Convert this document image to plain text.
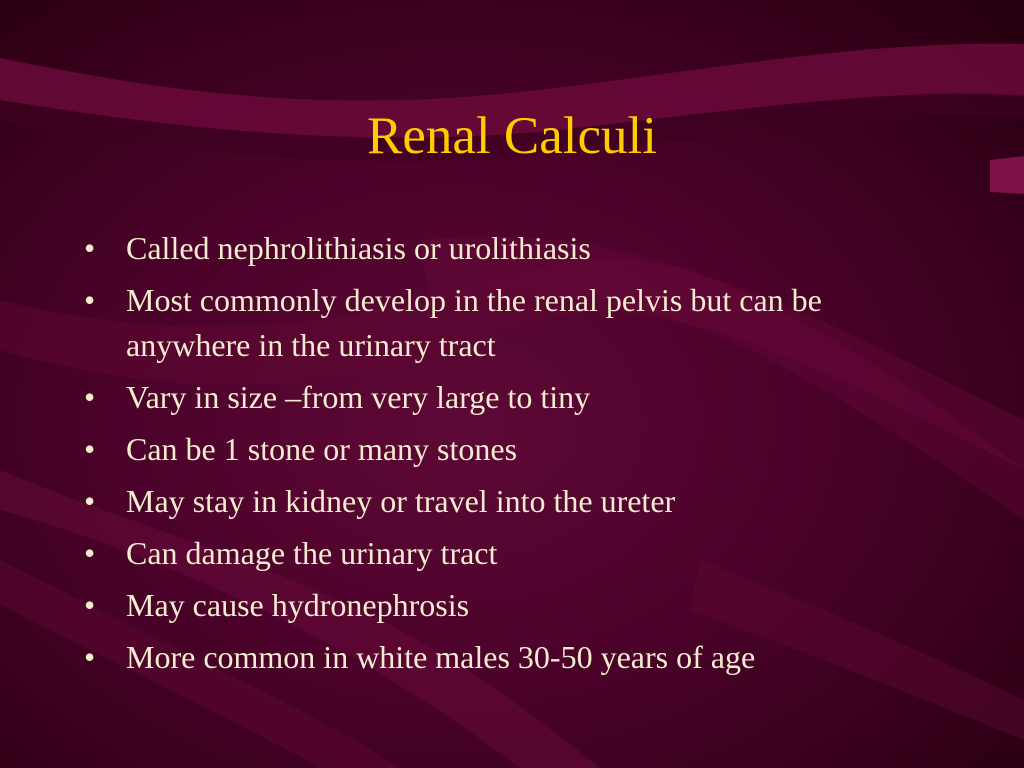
Renal Calculi
• Called nephrolithiasis or urolithiasis
• Most commonly develop in the renal pelvis but can be anywhere in the urinary tract
• Vary in size –from very large to tiny
• Can be 1 stone or many stones
• May stay in kidney or travel into the ureter
• Can damage the urinary tract
• May cause hydronephrosis
• More common in white males 30-50 years of age
